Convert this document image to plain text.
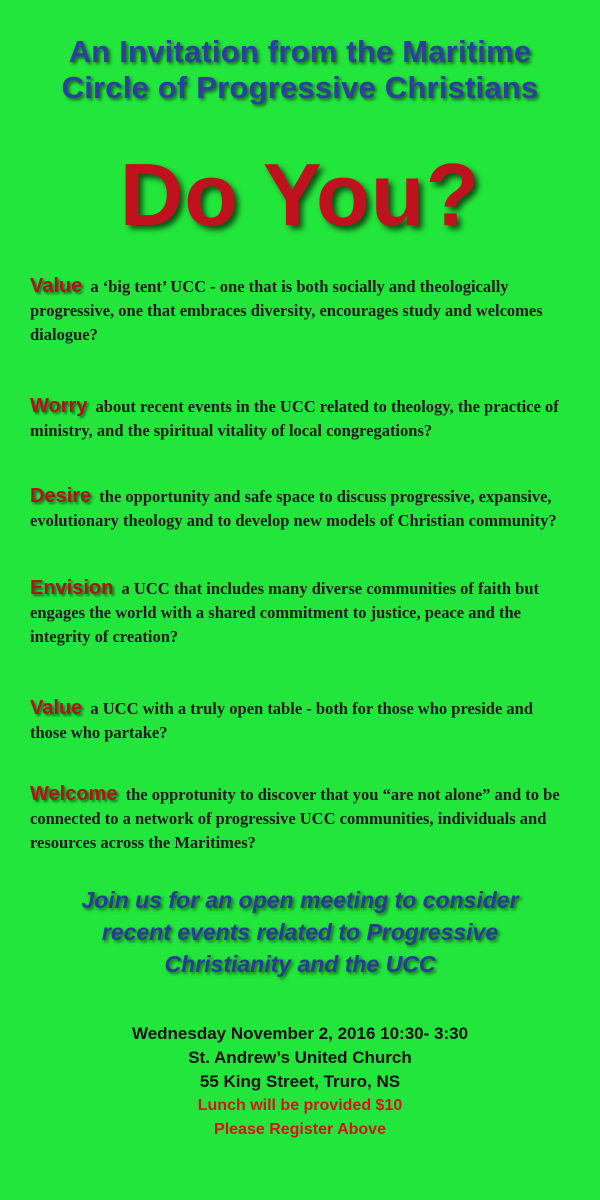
An Invitation from the Maritime
Circle of Progressive Christians
Do You?
Value a ‘big tent’ UCC - one that is both socially and theologically progressive, one that embraces diversity, encourages study and welcomes dialogue?
Worry about recent events in the UCC related to theology, the practice of ministry, and the spiritual vitality of local congregations?
Desire the opportunity and safe space to discuss progressive, expansive, evolutionary theology and to develop new models of Christian community?
Envision a UCC that includes many diverse communities of faith but engages the world with a shared commitment to justice, peace and the integrity of creation?
Value a UCC with a truly open table - both for those who preside and those who partake?
Welcome the opprotunity to discover that you “are not alone” and to be connected to a network of progressive UCC communities, individuals and resources across the Maritimes?
Join us for an open meeting to consider
recent events related to Progressive
Christianity and the UCC
Wednesday November 2, 2016 10:30- 3:30
St. Andrew’s United Church
55 King Street, Truro, NS
Lunch will be provided $10
Please Register Above
